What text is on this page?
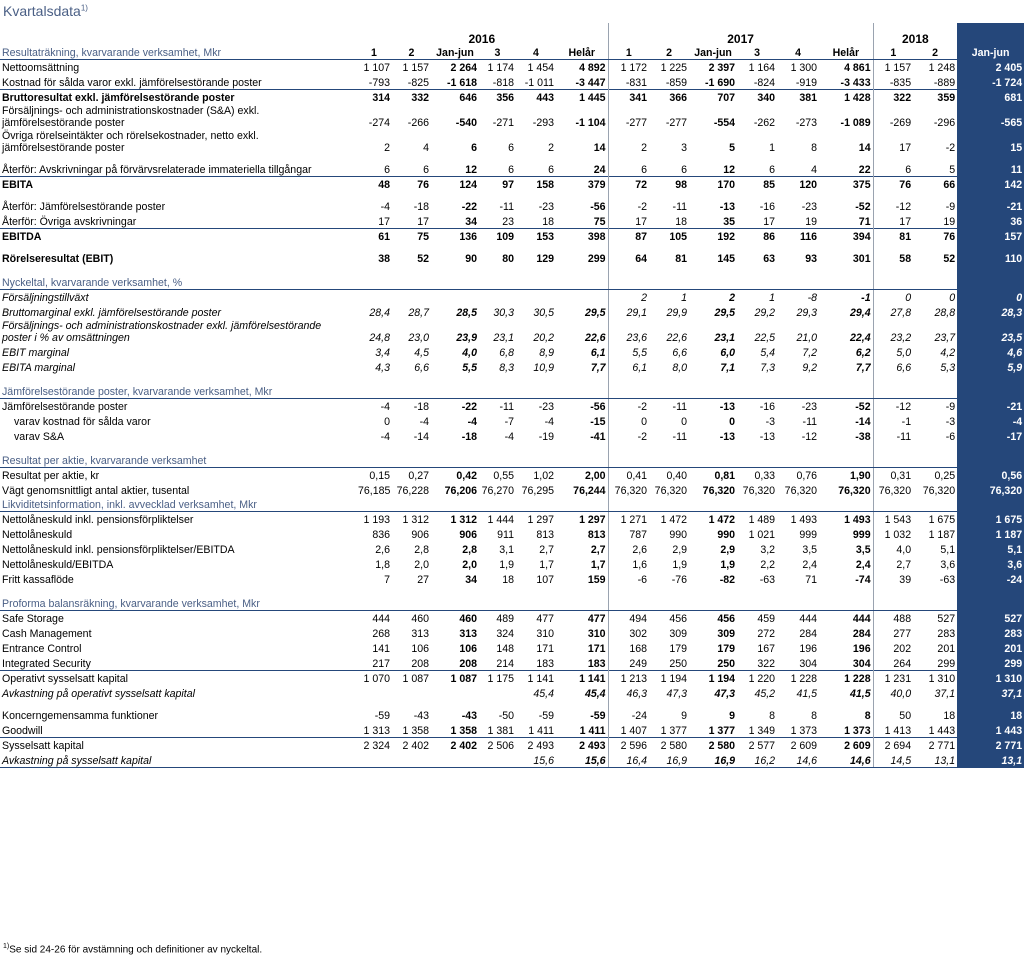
Kvartalsdata$^{1)}$
	2016						2017						2018		
Resultaträkning, kvarvarande verksamhet, Mkr	1	2	Jan-jun	3	4	Helår	1	2	Jan-jun	3	4	Helår	1	2	Jan-jun
Nettoomsättning	1 107	1 157	2 264	1 174	1 454	4 892	1 172	1 225	2 397	1 164	1 300	4 861	1 157	1 248	2 405
Kostnad för sålda varor exkl. jämförelsestörande poster	-793	-825	-1 618	-818	-1 011	-3 447	-831	-859	-1 690	-824	-919	-3 433	-835	-889	-1 724
Bruttoresultat exkl. jämförelsestörande poster	314	332	646	356	443	1 445	341	366	707	340	381	1 428	322	359	681

Försäljnings- och administrationskostnader (S&A) exkl.
jämförelsestörande poster	-274	-266	-540	-271	-293	-1 104	-277	-277	-554	-262	-273	-1 089	-269	-296	-565

Övriga rörelseintäkter och rörelsekostnader, netto exkl.
jämförelsestörande poster	2	4	6	6	2	14	2	3	5	1	8	14	17	-2	15
Återför: Avskrivningar på förvärvsrelaterade immateriella tillgångar	6	6	12	6	6	24	6	6	12	6	4	22	6	5	11
EBITA	48	76	124	97	158	379	72	98	170	85	120	375	76	66	142
Återför: Jämförelsestörande poster	-4	-18	-22	-11	-23	-56	-2	-11	-13	-16	-23	-52	-12	-9	-21
Återför: Övriga avskrivningar	17	17	34	23	18	75	17	18	35	17	19	71	17	19	36
EBITDA	61	75	136	109	153	398	87	105	192	86	116	394	81	76	157
Rörelseresultat (EBIT)	38	52	90	80	129	299	64	81	145	63	93	301	58	52	110
Nyckeltal, kvarvarande verksamhet, %															
Försäljningstillväxt							2	1	2	1	-8	-1	0	0	0
Bruttomarginal exkl. jämförelsestörande poster	28,4	28,7	28,5	30,3	30,5	29,5	29,1	29,9	29,5	29,2	29,3	29,4	27,8	28,8	28,3

Försäljnings- och administrationskostnader exkl. jämförelsestörande
poster i % av omsättningen	24,8	23,0	23,9	23,1	20,2	22,6	23,6	22,6	23,1	22,5	21,0	22,4	23,2	23,7	23,5
EBIT marginal	3,4	4,5	4,0	6,8	8,9	6,1	5,5	6,6	6,0	5,4	7,2	6,2	5,0	4,2	4,6
EBITA marginal	4,3	6,6	5,5	8,3	10,9	7,7	6,1	8,0	7,1	7,3	9,2	7,7	6,6	5,3	5,9
Jämförelsestörande poster, kvarvarande verksamhet, Mkr															
Jämförelsestörande poster	-4	-18	-22	-11	-23	-56	-2	-11	-13	-16	-23	-52	-12	-9	-21
varav kostnad för sålda varor	0	-4	-4	-7	-4	-15	0	0	0	-3	-11	-14	-1	-3	-4
varav S&A	-4	-14	-18	-4	-19	-41	-2	-11	-13	-13	-12	-38	-11	-6	-17
Resultat per aktie, kvarvarande verksamhet															
Resultat per aktie, kr	0,15	0,27	0,42	0,55	1,02	2,00	0,41	0,40	0,81	0,33	0,76	1,90	0,31	0,25	0,56
Vägt genomsnittligt antal aktier, tusental	76,185	76,228	76,206	76,270	76,295	76,244	76,320	76,320	76,320	76,320	76,320	76,320	76,320	76,320	76,320
Likviditetsinformation, inkl. avvecklad verksamhet, Mkr															
Nettolåneskuld inkl. pensionsförpliktelser	1 193	1 312	1 312	1 444	1 297	1 297	1 271	1 472	1 472	1 489	1 493	1 493	1 543	1 675	1 675
Nettolåneskuld	836	906	906	911	813	813	787	990	990	1 021	999	999	1 032	1 187	1 187
Nettolåneskuld inkl. pensionsförpliktelser/EBITDA	2,6	2,8	2,8	3,1	2,7	2,7	2,6	2,9	2,9	3,2	3,5	3,5	4,0	5,1	5,1
Nettolåneskuld/EBITDA	1,8	2,0	2,0	1,9	1,7	1,7	1,6	1,9	1,9	2,2	2,4	2,4	2,7	3,6	3,6
Fritt kassaflöde	7	27	34	18	107	159	-6	-76	-82	-63	71	-74	39	-63	-24
Proforma balansräkning, kvarvarande verksamhet, Mkr															
Safe Storage	444	460	460	489	477	477	494	456	456	459	444	444	488	527	527
Cash Management	268	313	313	324	310	310	302	309	309	272	284	284	277	283	283
Entrance Control	141	106	106	148	171	171	168	179	179	167	196	196	202	201	201
Integrated Security	217	208	208	214	183	183	249	250	250	322	304	304	264	299	299
Operativt sysselsatt kapital	1 070	1 087	1 087	1 175	1 141	1 141	1 213	1 194	1 194	1 220	1 228	1 228	1 231	1 310	1 310
Avkastning på operativt sysselsatt kapital					45,4	45,4	46,3	47,3	47,3	45,2	41,5	41,5	40,0	37,1	37,1
Koncerngemensamma funktioner	-59	-43	-43	-50	-59	-59	-24	9	9	8	8	8	50	18	18
Goodwill	1 313	1 358	1 358	1 381	1 411	1 411	1 407	1 377	1 377	1 349	1 373	1 373	1 413	1 443	1 443
Sysselsatt kapital	2 324	2 402	2 402	2 506	2 493	2 493	2 596	2 580	2 580	2 577	2 609	2 609	2 694	2 771	2 771
Avkastning på sysselsatt kapital					15,6	15,6	16,4	16,9	16,9	16,2	14,6	14,6	14,5	13,1	13,1
$^{1)}$Se sid 24-26 för avstämning och definitioner av nyckeltal.
